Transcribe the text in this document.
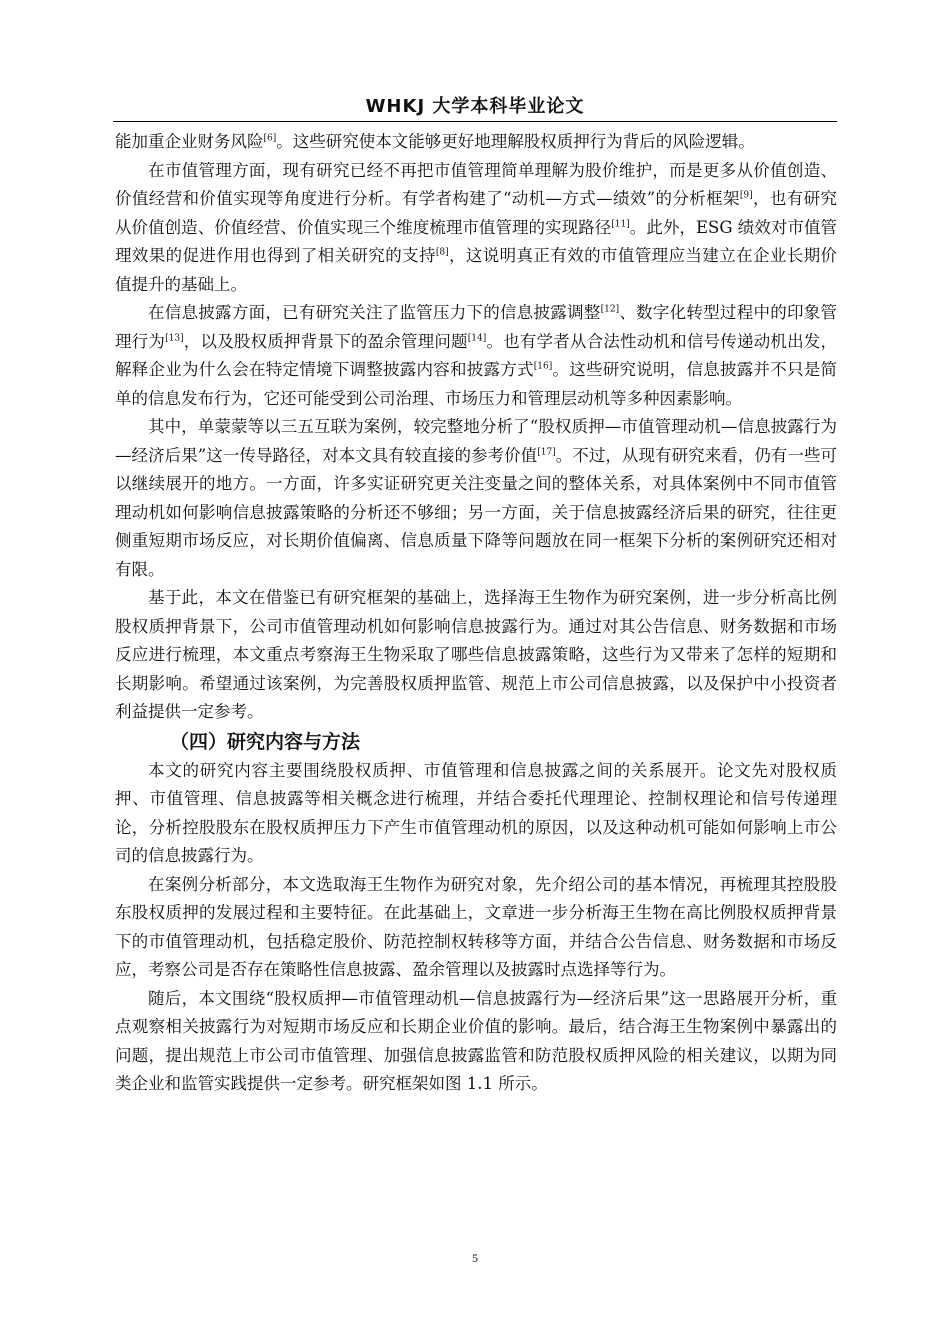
WHKJ 大学本科毕业论文

能加重企业财务风险[6]。这些研究使本文能够更好地理解股权质押行为背后的风险逻辑。

在市值管理方面，现有研究已经不再把市值管理简单理解为股价维护，而是更多从价值创造、价值经营和价值实现等角度进行分析。有学者构建了“动机—方式—绩效”的分析框架[9]，也有研究从价值创造、价值经营、价值实现三个维度梳理市值管理的实现路径[11]。此外，ESG 绩效对市值管理效果的促进作用也得到了相关研究的支持[8]，这说明真正有效的市值管理应当建立在企业长期价值提升的基础上。

在信息披露方面，已有研究关注了监管压力下的信息披露调整[12]、数字化转型过程中的印象管理行为[13]，以及股权质押背景下的盈余管理问题[14]。也有学者从合法性动机和信号传递动机出发，解释企业为什么会在特定情境下调整披露内容和披露方式[16]。这些研究说明，信息披露并不只是简单的信息发布行为，它还可能受到公司治理、市场压力和管理层动机等多种因素影响。

其中，单蒙蒙等以三五互联为案例，较完整地分析了“股权质押—市值管理动机—信息披露行为—经济后果”这一传导路径，对本文具有较直接的参考价值[17]。不过，从现有研究来看，仍有一些可以继续展开的地方。一方面，许多实证研究更关注变量之间的整体关系，对具体案例中不同市值管理动机如何影响信息披露策略的分析还不够细；另一方面，关于信息披露经济后果的研究，往往更侧重短期市场反应，对长期价值偏离、信息质量下降等问题放在同一框架下分析的案例研究还相对有限。

基于此，本文在借鉴已有研究框架的基础上，选择海王生物作为研究案例，进一步分析高比例股权质押背景下，公司市值管理动机如何影响信息披露行为。通过对其公告信息、财务数据和市场反应进行梳理，本文重点考察海王生物采取了哪些信息披露策略，这些行为又带来了怎样的短期和长期影响。希望通过该案例，为完善股权质押监管、规范上市公司信息披露，以及保护中小投资者利益提供一定参考。

（四）研究内容与方法

本文的研究内容主要围绕股权质押、市值管理和信息披露之间的关系展开。论文先对股权质押、市值管理、信息披露等相关概念进行梳理，并结合委托代理理论、控制权理论和信号传递理论，分析控股股东在股权质押压力下产生市值管理动机的原因，以及这种动机可能如何影响上市公司的信息披露行为。

在案例分析部分，本文选取海王生物作为研究对象，先介绍公司的基本情况，再梳理其控股股东股权质押的发展过程和主要特征。在此基础上，文章进一步分析海王生物在高比例股权质押背景下的市值管理动机，包括稳定股价、防范控制权转移等方面，并结合公告信息、财务数据和市场反应，考察公司是否存在策略性信息披露、盈余管理以及披露时点选择等行为。

随后，本文围绕“股权质押—市值管理动机—信息披露行为—经济后果”这一思路展开分析，重点观察相关披露行为对短期市场反应和长期企业价值的影响。最后，结合海王生物案例中暴露出的问题，提出规范上市公司市值管理、加强信息披露监管和防范股权质押风险的相关建议，以期为同类企业和监管实践提供一定参考。研究框架如图 1.1 所示。

5
